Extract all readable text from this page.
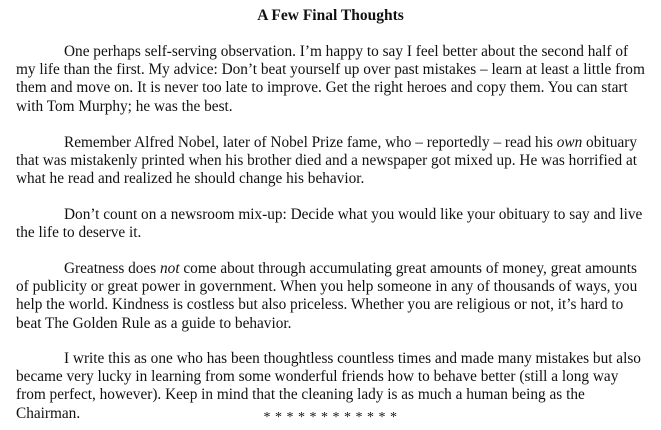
A Few Final Thoughts

One perhaps self-serving observation. I’m happy to say I feel better about the second half of my life than the first. My advice: Don’t beat yourself up over past mistakes – learn at least a little from them and move on. It is never too late to improve. Get the right heroes and copy them. You can start with Tom Murphy; he was the best.

Remember Alfred Nobel, later of Nobel Prize fame, who – reportedly – read his own obituary that was mistakenly printed when his brother died and a newspaper got mixed up. He was horrified at what he read and realized he should change his behavior.

Don’t count on a newsroom mix-up: Decide what you would like your obituary to say and live the life to deserve it.

Greatness does not come about through accumulating great amounts of money, great amounts of publicity or great power in government. When you help someone in any of thousands of ways, you help the world. Kindness is costless but also priceless. Whether you are religious or not, it’s hard to beat The Golden Rule as a guide to behavior.

I write this as one who has been thoughtless countless times and made many mistakes but also became very lucky in learning from some wonderful friends how to behave better (still a long way from perfect, however). Keep in mind that the cleaning lady is as much a human being as the Chairman.	* * * * * * * * * * * *
